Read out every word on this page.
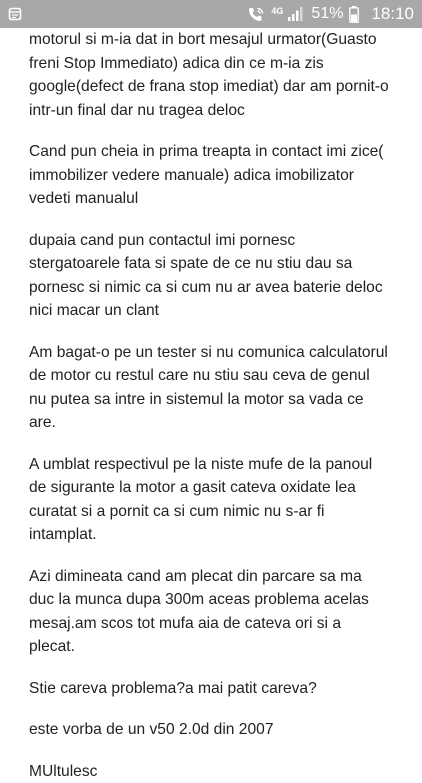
4G 51% 18:10

motorul si m-ia dat in bort mesajul urmator(Guasto freni Stop Immediato) adica din ce m-ia zis google(defect de frana stop imediat) dar am pornit-o intr-un final dar nu tragea deloc

Cand pun cheia in prima treapta in contact imi zice( immobilizer vedere manuale) adica imobilizator vedeti manualul

dupaia cand pun contactul imi pornesc stergatoarele fata si spate de ce nu stiu dau sa pornesc si nimic ca si cum nu ar avea baterie deloc nici macar un clant

Am bagat-o pe un tester si nu comunica calculatorul de motor cu restul care nu stiu sau ceva de genul nu putea sa intre in sistemul la motor sa vada ce are.

A umblat respectivul pe la niste mufe de la panoul de sigurante la motor a gasit cateva oxidate lea curatat si a pornit ca si cum nimic nu s-ar fi intamplat.

Azi dimineata cand am plecat din parcare sa ma duc la munca dupa 300m aceas problema acelas mesaj.am scos tot mufa aia de cateva ori si a plecat.

Stie careva problema?a mai patit careva?

este vorba de un v50 2.0d din 2007

MUltulesc
